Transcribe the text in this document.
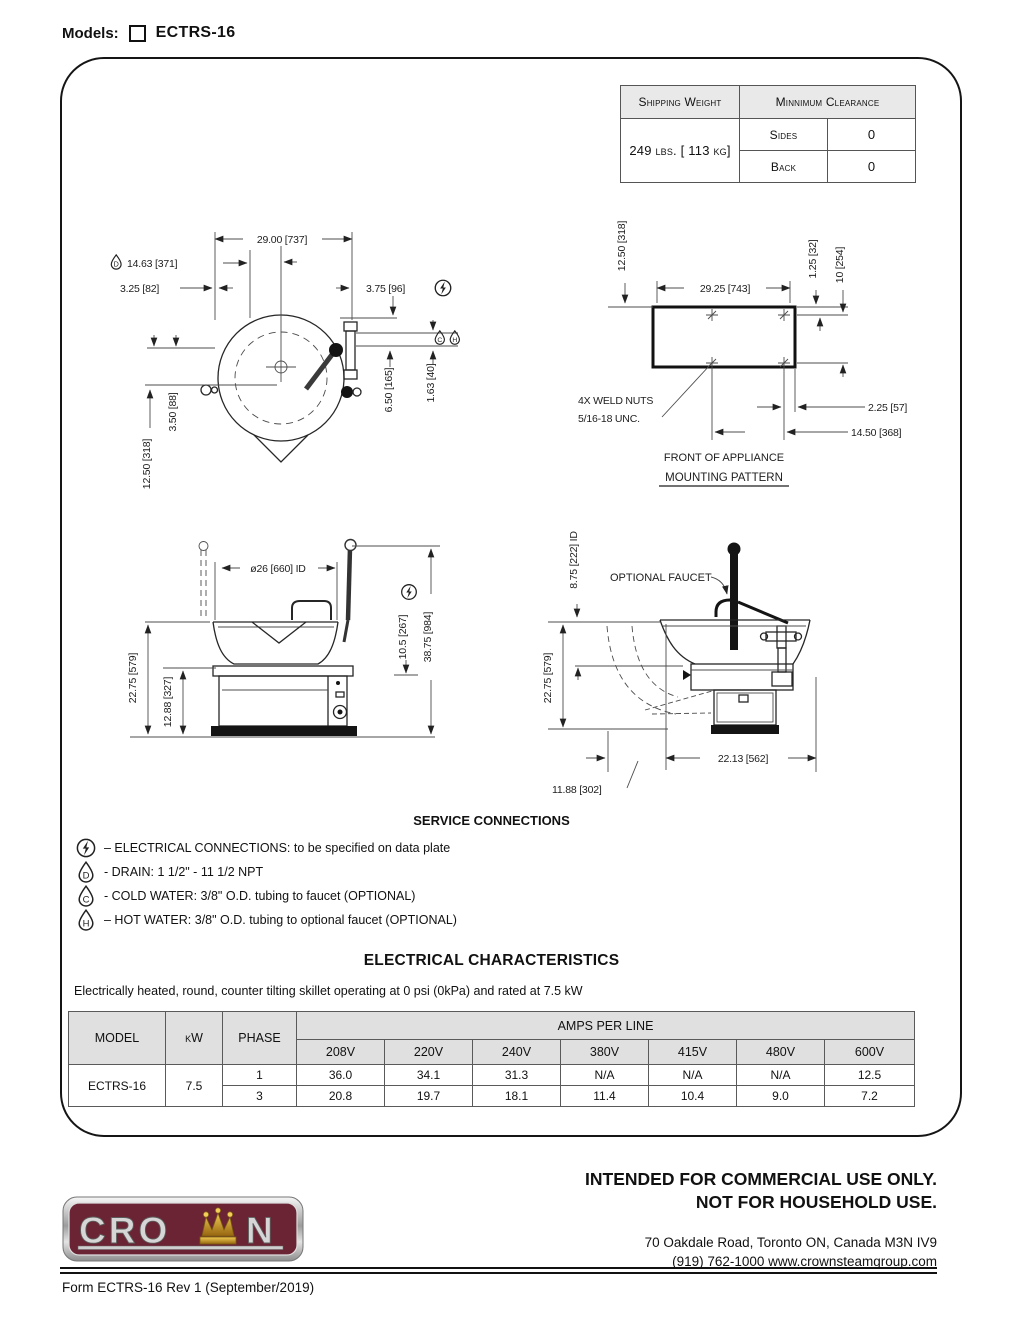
Models: ECTRS-16
Shipping Weight	Minnimum Clearance	
249 lbs. [ 113 kg]	Sides	0
	Back	0
29.00 [737]
D 14.63 [371]
3.25 [82]	3.75 [96]
C H
6.50 [165]	1.63 [40]
3.50 [88]
12.50 [318]
12.50 [318]
29.25 [743]
1.25 [32] 10 [254]
2.25 [57]
14.50 [368]
4X WELD NUTS
5/16-18 UNC.
FRONT OF APPLIANCE
MOUNTING PATTERN
ø26 [660] ID
22.75 [579] 12.88 [327]
10.5 [267] 38.75 [984]
8.75 [222] ID	OPTIONAL FAUCET
22.75 [579]
22.13 [562]
11.88 [302]
SERVICE CONNECTIONS
– ELECTRICAL CONNECTIONS: to be specified on data plate
D - DRAIN: 1 1/2" - 11 1/2 NPT
C - COLD WATER: 3/8" O.D. tubing to faucet (OPTIONAL)
H – HOT WATER: 3/8" O.D. tubing to optional faucet (OPTIONAL)
ELECTRICAL CHARACTERISTICS
Electrically heated, round, counter tilting skillet operating at 0 psi (0kPa) and rated at 7.5 kW
MODEL	kW	PHASE	AMPS PER LINE						
			208V	220V	240V	380V	415V	480V	600V
ECTRS-16	7.5	1	36.0	34.1	31.3	N/A	N/A	N/A	12.5
		3	20.8	19.7	18.1	11.4	10.4	9.0	7.2
CRO N
INTENDED FOR COMMERCIAL USE ONLY.
NOT FOR HOUSEHOLD USE.
70 Oakdale Road, Toronto ON, Canada M3N IV9
(919) 762-1000 www.crownsteamgroup.com
Form ECTRS-16 Rev 1 (September/2019)
